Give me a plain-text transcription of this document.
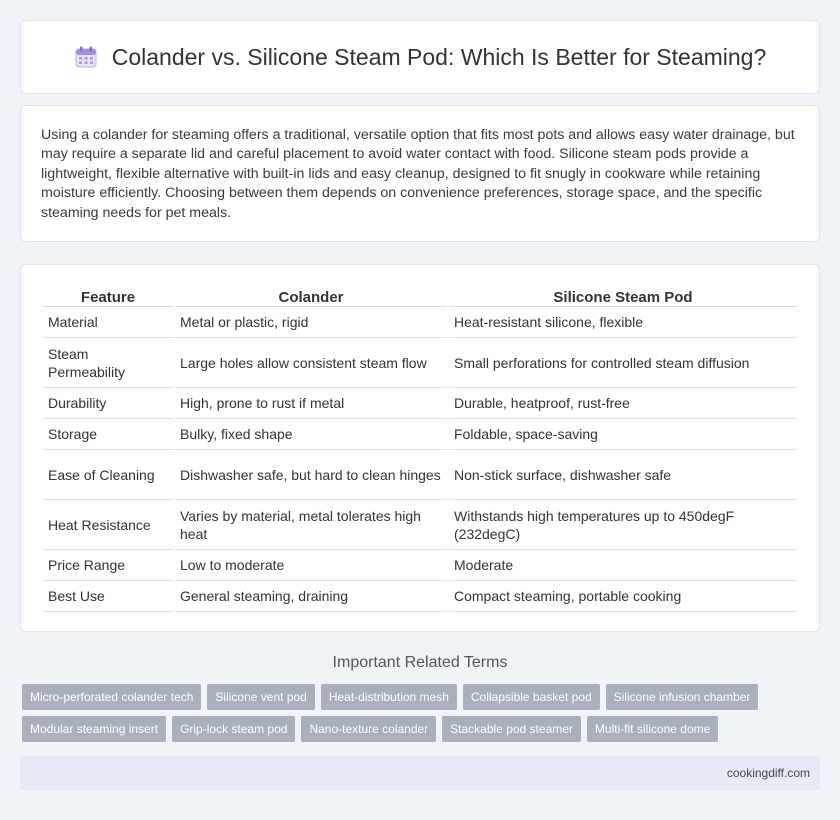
Colander vs. Silicone Steam Pod: Which Is Better for Steaming?

Using a colander for steaming offers a traditional, versatile option that fits most pots and allows easy water drainage, but may require a separate lid and careful placement to avoid water contact with food. Silicone steam pods provide a lightweight, flexible alternative with built-in lids and easy cleanup, designed to fit snugly in cookware while retaining moisture efficiently. Choosing between them depends on convenience preferences, storage space, and the specific steaming needs for pet meals.

Feature	Colander	Silicone Steam Pod
Material	Metal or plastic, rigid	Heat-resistant silicone, flexible
Steam Permeability	Large holes allow consistent steam flow	Small perforations for controlled steam diffusion
Durability	High, prone to rust if metal	Durable, heatproof, rust-free
Storage	Bulky, fixed shape	Foldable, space-saving
Ease of Cleaning	Dishwasher safe, but hard to clean hinges	Non-stick surface, dishwasher safe
Heat Resistance	Varies by material, metal tolerates high heat	Withstands high temperatures up to 450degF (232degC)
Price Range	Low to moderate	Moderate
Best Use	General steaming, draining	Compact steaming, portable cooking
Important Related Terms
Micro-perforated colander tech	Silicone vent pod	Heat-distribution mesh	Collapsible basket pod	Silicone infusion chamber
Modular steaming insert	Grip-lock steam pod	Nano-texture colander	Stackable pod steamer	Multi-fit silicone dome
cookingdiff.com
